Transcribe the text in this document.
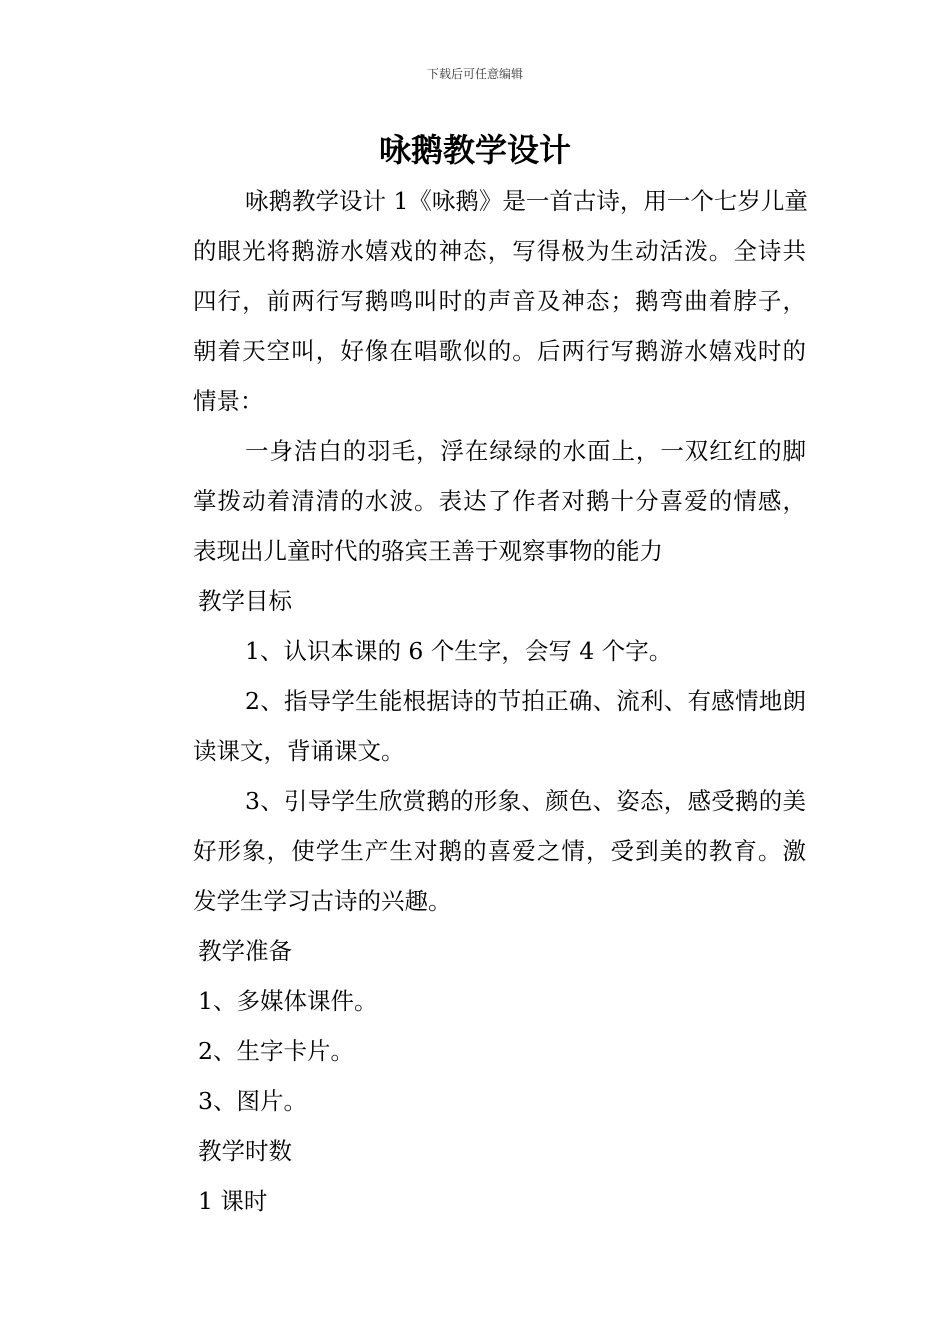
下载后可任意编辑
咏鹅教学设计
咏鹅教学设计 1《咏鹅》是一首古诗，用一个七岁儿童
的眼光将鹅游水嬉戏的神态，写得极为生动活泼。全诗共
四行，前两行写鹅鸣叫时的声音及神态；鹅弯曲着脖子，
朝着天空叫，好像在唱歌似的。后两行写鹅游水嬉戏时的
情景：
一身洁白的羽毛，浮在绿绿的水面上，一双红红的脚
掌拨动着清清的水波。表达了作者对鹅十分喜爱的情感，
表现出儿童时代的骆宾王善于观察事物的能力
教学目标
1、认识本课的 6 个生字，会写 4 个字。
2、指导学生能根据诗的节拍正确、流利、有感情地朗
读课文，背诵课文。
3、引导学生欣赏鹅的形象、颜色、姿态，感受鹅的美
好形象，使学生产生对鹅的喜爱之情，受到美的教育。激
发学生学习古诗的兴趣。
教学准备
1、多媒体课件。
2、生字卡片。
3、图片。
教学时数
1 课时
